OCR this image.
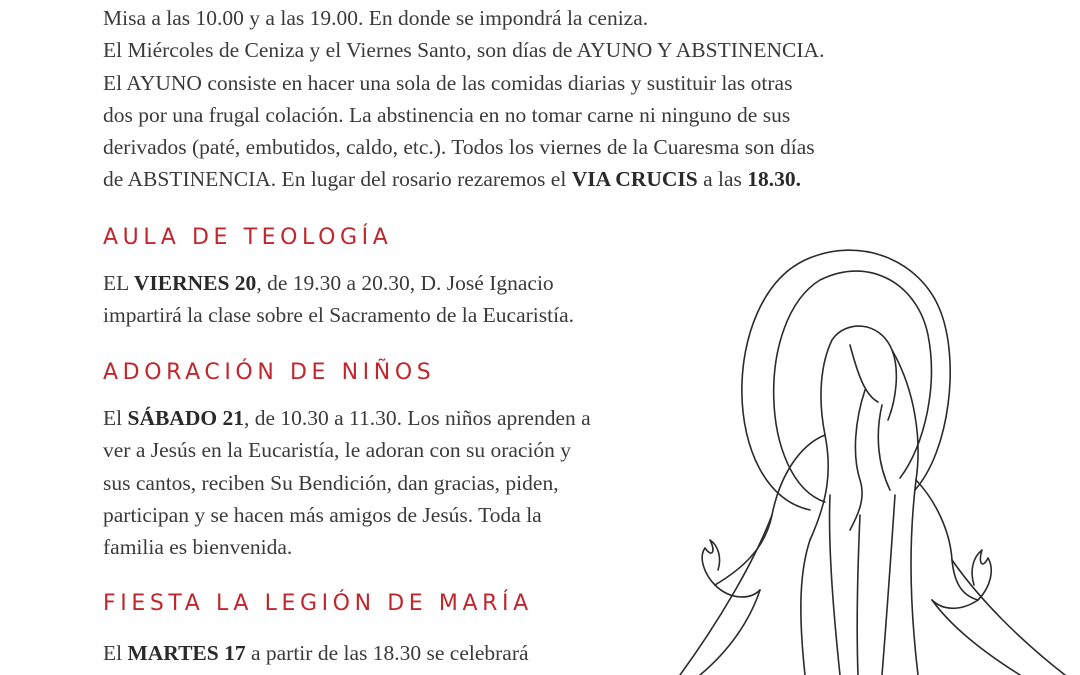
Misa a las 10.00 y a las 19.00. En donde se impondrá la ceniza.

El Miércoles de Ceniza y el Viernes Santo, son días de AYUNO Y ABSTINENCIA.

El AYUNO consiste en hacer una sola de las comidas diarias y sustituir las otras

dos por una frugal colación. La abstinencia en no tomar carne ni ninguno de sus

derivados (paté, embutidos, caldo, etc.). Todos los viernes de la Cuaresma son días

de ABSTINENCIA. En lugar del rosario rezaremos el VIA CRUCIS a las 18.30.

AULA DE TEOLOGÍA

EL VIERNES 20, de 19.30 a 20.30, D. José Ignacio

impartirá la clase sobre el Sacramento de la Eucaristía.

ADORACIÓN DE NIÑOS

El SÁBADO 21, de 10.30 a 11.30. Los niños aprenden a

ver a Jesús en la Eucaristía, le adoran con su oración y

sus cantos, reciben Su Bendición, dan gracias, piden,

participan y se hacen más amigos de Jesús. Toda la

familia es bienvenida.

FIESTA LA LEGIÓN DE MARÍA

El MARTES 17 a partir de las 18.30 se celebrará
